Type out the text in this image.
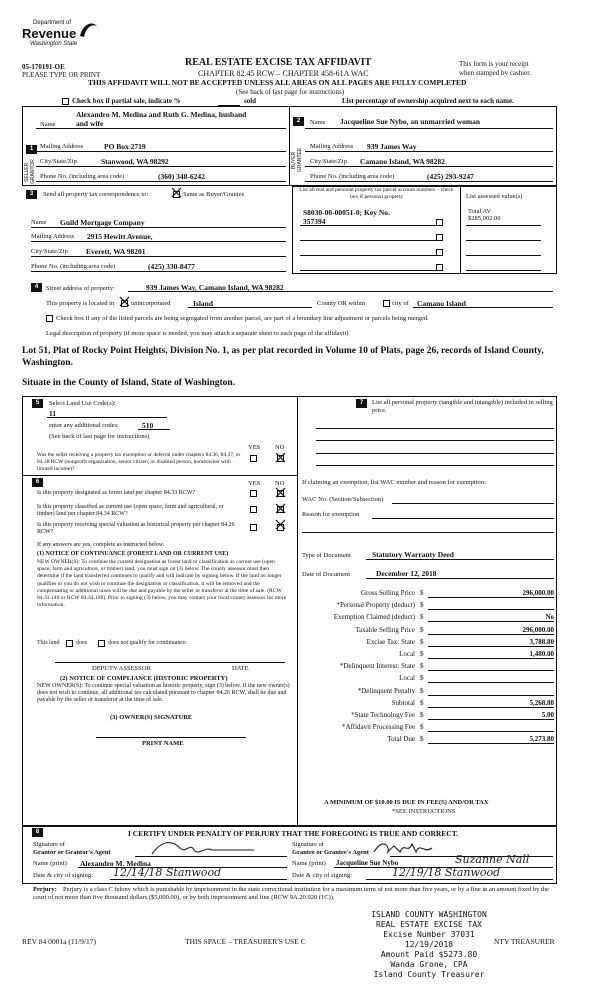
Department of
Revenue
Washington State
05-170191-OE
PLEASE TYPE OR PRINT
REAL ESTATE EXCISE TAX AFFIDAVIT
CHAPTER 82.45 RCW – CHAPTER 458-61A WAC
This form is your receipt
when stamped by cashier.
THIS AFFIDAVIT WILL NOT BE ACCEPTED UNLESS ALL AREAS ON ALL PAGES ARE FULLY COMPLETED
(See back of last page for instructions)
Check box if partial sale, indicate %	sold	List percentage of ownership acquired next to each name.
1
SELLER GRANTOR
Alexandro M. Medina and Ruth G. Medina, husband
Name	and wife
Mailing Address	PO Box 2719
City/State/Zip	Stanwood, WA 98292
Phone No. (including area code)	(360) 348-6242
2
BUYER GRANTEE
Name Jacqueline Sue Nybo, an unmarried woman
Mailing Address 939 James Way
City/State/Zip Camano Island, WA 98282
Phone No. (including area code)	(425) 293-9247
3	Send all property tax correspondence to:	Same as Buyer/Grantee
Name Guild Mortgage Company
Mailing Address 2915 Hewitt Avenue,
City/State/Zip Everett, WA 98201
Phone No. (including area code)	(425) 330-8477
List all real and personal property tax parcel account numbers – check box if personal property	List assessed value(s)
S8030-00-00051-0; Key No.
357394
Total AV
$285,002.00
4	Street address of property:	939 James Way, Camano Island, WA 98282
This property is located in	unincorporated	Island	County OR within	city of Camano Island
Check box if any of the listed parcels are being segregated from another parcel, are part of a boundary line adjustment or parcels being merged.
Legal description of property (if more space is needed, you may attach a separate sheet to each page of the affidavit)
Lot 51, Plat of Rocky Point Heights, Division No. 1, as per plat recorded in Volume 10 of Plats, page 26, records of Island County, Washington.
Situate in the County of Island, State of Washington.
5	Select Land Use Code(s):
11
enter any additional codes:	510
(See back of last page for instructions)
YES NO
Was the seller receiving a property tax exemption or deferral under chapters 84.36, 84.37, or 84.38 RCW (nonprofit organization, senior citizen, or disabled person, homeowner with limited income)?
6	YES NO
Is this property designated as forest land per chapter 84.33 RCW?
Is this property classified as current use (open space, farm and agricultural, or timber) land per chapter 84.34 RCW?
Is this property receiving special valuation as historical property per chapter 84.26 RCW?
If any answers are yes, complete as instructed below.
(1) NOTICE OF CONTINUANCE (FOREST LAND OR CURRENT USE)
NEW OWNER(S): To continue the current designation as forest land or classification as current use (open space, farm and agriculture, or timber) land, you must sign on (3) below. The county assessor must then determine if the land transferred continues to qualify and will indicate by signing below. If the land no longer qualifies or you do not wish to continue the designation or classification, it will be removed and the compensating or additional taxes will be due and payable by the seller or transferor at the time of sale. (RCW 84.33.140 or RCW 84.34.108). Prior to signing (3) below, you may contact your local county assessor for more information.
This land	does	does not qualify for continuance.
DEPUTY ASSESSOR	DATE
(2) NOTICE OF COMPLIANCE (HISTORIC PROPERTY)
NEW OWNER(S): To continue special valuation as historic property, sign (3) below. If the new owner(s) does not wish to continue, all additional tax calculated pursuant to chapter 84.26 RCW, shall be due and payable by the seller or transferor at the time of sale.
(3) OWNER(S) SIGNATURE
PRINT NAME
7	List all personal property (tangible and intangible) included in selling price.
If claiming an exemption, list WAC number and reason for exemption:
WAC No. (Section/Subsection)
Reason for exemption
Type of Document	Statutory Warranty Deed
Date of Document	December 12, 2018
Gross Selling Price $	296,000.00
*Personal Property (deduct) $
Exemption Claimed (deduct) $	No
Taxable Selling Price $	296,000.00
Excise Tax: State $	3,788.80
Local $	1,480.00
*Delinquent Interest: State $
Local $
*Delinquent Penalty $
Subtotal $	5,268.80
*State Technology Fee $	5.00
*Affidavit Processing Fee $
Total Due $	5,273.80
A MINIMUM OF $10.00 IS DUE IN FEE(S) AND/OR TAX
*SEE INSTRUCTIONS
8	I CERTIFY UNDER PENALTY OF PERJURY THAT THE FOREGOING IS TRUE AND CORRECT.
Signature of
Grantor or Grantor's Agent
Name (print) Alexandro M. Medina
Date & city of signing: 12/14/18 Stanwood
Signature of
Grantee or Grantee's Agent
Name (print) Jacqueline Sue Nybo	Suzanne Nall
Date & city of signing:	12/19/18 Stanwood
Perjury: Perjury is a class C felony which is punishable by imprisonment in the state correctional institution for a maximum term of not more than five years, or by a fine in an amount fixed by the court of not more than five thousand dollars ($5,000.00), or by both imprisonment and fine (RCW 9A.20.020 (1C)).
ISLAND COUNTY WASHINGTON
REAL ESTATE EXCISE TAX
Excise Number 37031
12/19/2018
Amount Paid $5273.80
Wanda Grone, CPA
Island County Treasurer
REV 84 0001a (11/9/17)	THIS SPACE – TREASURER'S USE C	NTY TREASURER
